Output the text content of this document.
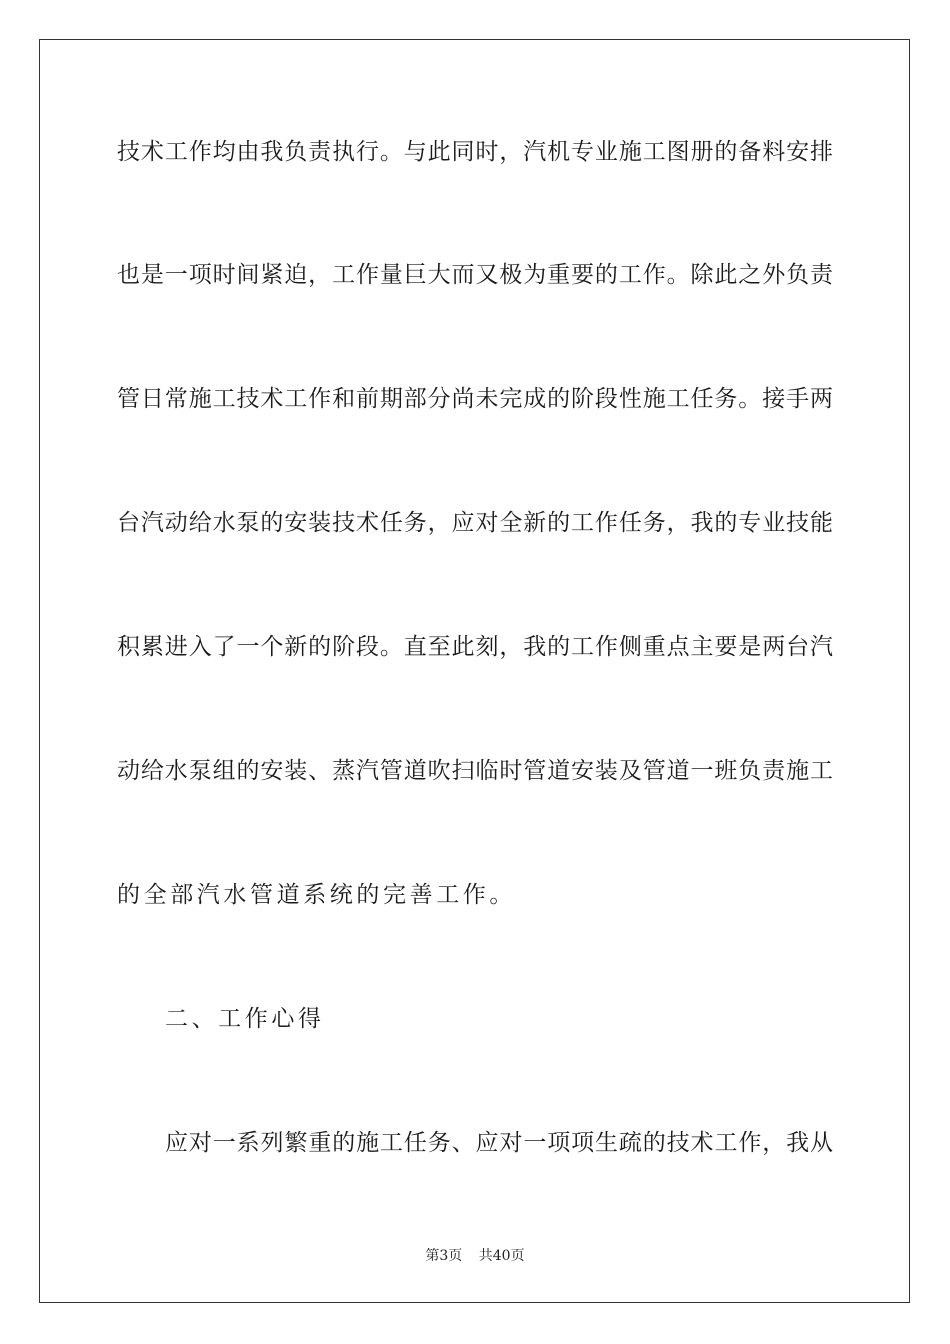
技术工作均由我负责执行。与此同时，汽机专业施工图册的备料安排
也是一项时间紧迫，工作量巨大而又极为重要的工作。除此之外负责
管日常施工技术工作和前期部分尚未完成的阶段性施工任务。接手两
台汽动给水泵的安装技术任务，应对全新的工作任务，我的专业技能
积累进入了一个新的阶段。直至此刻，我的工作侧重点主要是两台汽
动给水泵组的安装、蒸汽管道吹扫临时管道安装及管道一班负责施工
的全部汽水管道系统的完善工作。
二、工作心得
应对一系列繁重的施工任务、应对一项项生疏的技术工作，我从
第3页 共40页
